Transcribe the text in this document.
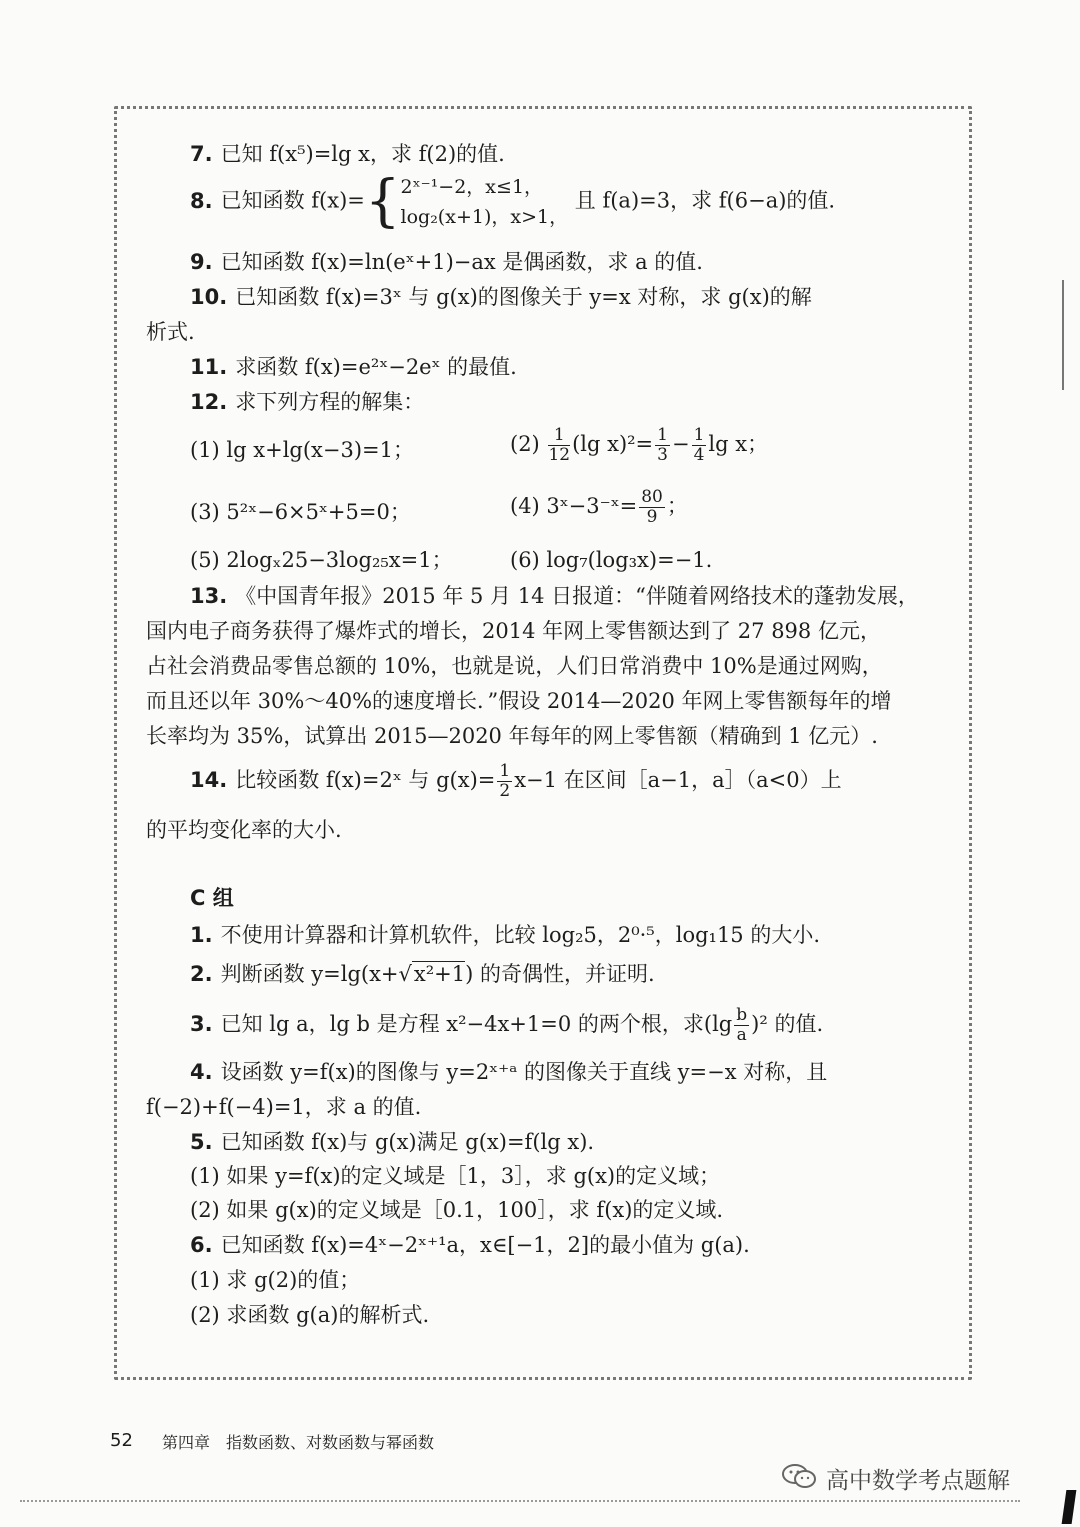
7. 已知 f(x⁵)=lg x，求 f(2)的值.
8. 已知函数 f(x)={2ˣ⁻¹−2，x≤1，
log₂(x+1)，x>1， 且 f(a)=3，求 f(6−a)的值.
9. 已知函数 f(x)=ln(eˣ+1)−ax 是偶函数，求 a 的值.
10. 已知函数 f(x)=3ˣ 与 g(x)的图像关于 y=x 对称，求 g(x)的解
析式.
11. 求函数 f(x)=e²ˣ−2eˣ 的最值.
12. 求下列方程的解集：
(1) lg x+lg(x−3)=1；	$(2) \frac{1}{12} (\lg$ $x)^2= \frac{1}{3} - \frac{1}{4}$ lg x；
(3) 5²ˣ−6×5ˣ+5=0；	(4) 3ˣ−3⁻ˣ= $\frac{80}{9}$ ；
(5) 2logₓ25−3log₂₅x=1；	(6) log₇(log₃x)=−1.
13. 《中国青年报》2015 年 5 月 14 日报道：“伴随着网络技术的蓬勃发展，
国内电子商务获得了爆炸式的增长，2014 年网上零售额达到了 27 898 亿元，
占社会消费品零售总额的 10%，也就是说，人们日常消费中 10%是通过网购，
而且还以年 30%～40%的速度增长．”假设 2014—2020 年网上零售额每年的增
长率均为 35%，试算出 2015—2020 年每年的网上零售额（精确到 1 亿元）.
14. 比较函数 f(x)=2ˣ 与 $g(x)= \frac{1}{2} x-1$ 在区间［a−1，a］（a<0）上
的平均变化率的大小.
C 组
1. 不使用计算器和计算机软件，比较 log₂5，2⁰·⁵，log₁15 的大小.
2. 判断函数 y=lg(x+√x²+1) 的奇偶性，并证明.
3. 已知 lg a，lg b 是方程 x²−4x+1=0 的两个根，求$(\lg \frac{b}{a} )^2$ 的值.
4. 设函数 y=f(x)的图像与 y=2ˣ⁺ᵃ 的图像关于直线 y=−x 对称，且
f(−2)+f(−4)=1，求 a 的值.
5. 已知函数 f(x)与 g(x)满足 g(x)=f(lg x).
(1) 如果 y=f(x)的定义域是［1，3］，求 g(x)的定义域；
(2) 如果 g(x)的定义域是［0.1，100］，求 f(x)的定义域.
6. 已知函数 f(x)=4ˣ−2ˣ⁺¹a，x∈[−1，2]的最小值为 g(a).
(1) 求 g(2)的值；
(2) 求函数 g(a)的解析式.
52 第四章　指数函数、对数函数与幂函数
高中数学考点题解
